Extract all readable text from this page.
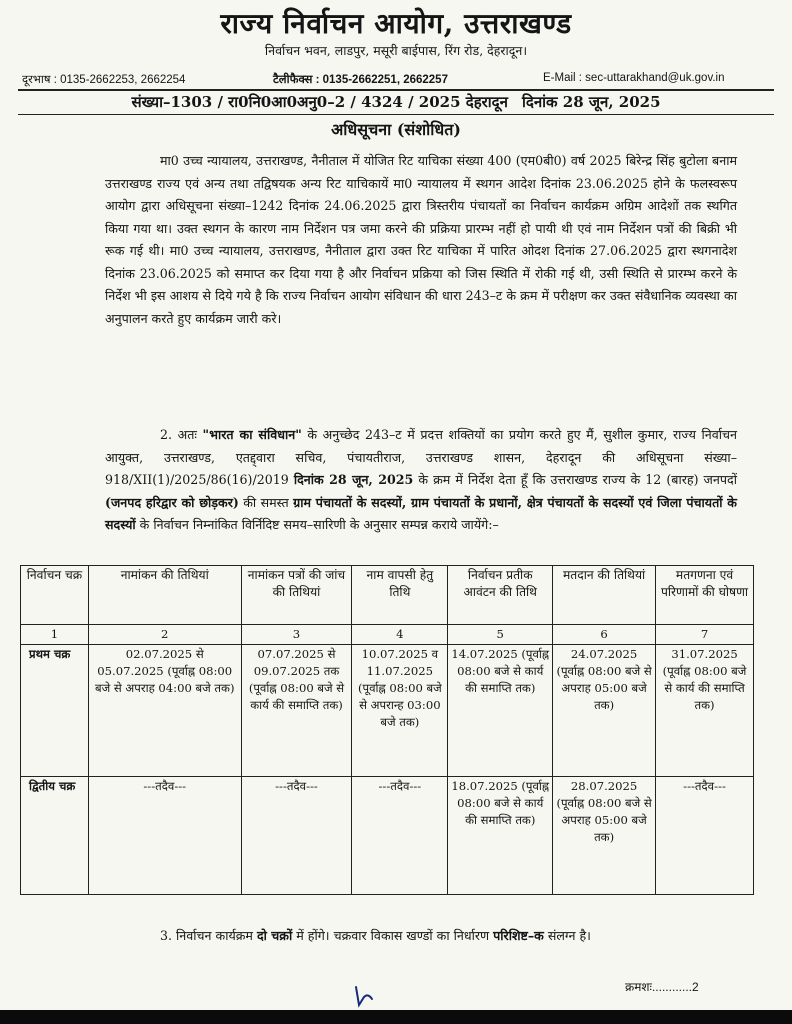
राज्य निर्वाचन आयोग, उत्तराखण्ड
निर्वाचन भवन, लाडपुर, मसूरी बाईपास, रिंग रोड, देहरादून।
दूरभाष : 0135-2662253, 2662254	टैलीफैक्स : 0135-2662251, 2662257	E-Mail : sec-uttarakhand@uk.gov.in
संख्या–1303 / रा0नि0आ0अनु0–2 / 4324 / 2025 देहरादून दिनांक 28 जून, 2025
अधिसूचना (संशोधित)
मा0 उच्च न्यायालय, उत्तराखण्ड, नैनीताल में योजित रिट याचिका संख्या 400 (एम0बी0) वर्ष 2025 बिरेन्द्र सिंह बुटोला बनाम उत्तराखण्ड राज्य एवं अन्य तथा तद्विषयक अन्य रिट याचिकायें मा0 न्यायालय में स्थगन आदेश दिनांक 23.06.2025 होने के फलस्वरूप आयोग द्वारा अधिसूचना संख्या–1242 दिनांक 24.06.2025 द्वारा त्रिस्तरीय पंचायतों का निर्वाचन कार्यक्रम अग्रिम आदेशों तक स्थगित किया गया था। उक्त स्थगन के कारण नाम निर्देशन पत्र जमा करने की प्रक्रिया प्रारम्भ नहीं हो पायी थी एवं नाम निर्देशन पत्रों की बिक्री भी रूक गई थी। मा0 उच्च न्यायालय, उत्तराखण्ड, नैनीताल द्वारा उक्त रिट याचिका में पारित ओदश दिनांक 27.06.2025 द्वारा स्थगनादेश दिनांक 23.06.2025 को समाप्त कर दिया गया है और निर्वाचन प्रक्रिया को जिस स्थिति में रोकी गई थी, उसी स्थिति से प्रारम्भ करने के निर्देश भी इस आशय से दिये गये है कि राज्य निर्वाचन आयोग संविधान की धारा 243–ट के क्रम में परीक्षण कर उक्त संवैधानिक व्यवस्था का अनुपालन करते हुए कार्यक्रम जारी करे।
2. अतः "भारत का संविधान" के अनुच्छेद 243–ट में प्रदत्त शक्तियों का प्रयोग करते हुए मैं, सुशील कुमार, राज्य निर्वाचन आयुक्त, उत्तराखण्ड, एतद्द्वारा सचिव, पंचायतीराज, उत्तराखण्ड शासन, देहरादून की अधिसूचना संख्या–918/XII(1)/2025/86(16)/2019 दिनांक 28 जून, 2025 के क्रम में निर्देश देता हूँ कि उत्तराखण्ड राज्य के 12 (बारह) जनपदों (जनपद हरिद्वार को छोड़कर) की समस्त ग्राम पंचायतों के सदस्यों, ग्राम पंचायतों के प्रधानों, क्षेत्र पंचायतों के सदस्यों एवं जिला पंचायतों के सदस्यों के निर्वाचन निम्नांकित विर्निदिष्ट समय–सारिणी के अनुसार सम्पन्न कराये जायेंगे:–
निर्वाचन चक्र	नामांकन की तिथियां	नामांकन पत्रों की जांच की तिथियां	नाम वापसी हेतु तिथि	निर्वाचन प्रतीक आवंटन की तिथि	मतदान की तिथियां	मतगणना एवं परिणामों की घोषणा
1	2	3	4	5	6	7
प्रथम चक्र	02.07.2025 से 05.07.2025 (पूर्वाह्न 08:00 बजे से अपराह 04:00 बजे तक)	07.07.2025 से 09.07.2025 तक (पूर्वाह्न 08:00 बजे से कार्य की समाप्ति तक)	10.07.2025 व 11.07.2025 (पूर्वाह्न 08:00 बजे से अपरान्ह 03:00 बजे तक)	14.07.2025 (पूर्वाह्न 08:00 बजे से कार्य की समाप्ति तक)	24.07.2025 (पूर्वाह्न 08:00 बजे से अपराह 05:00 बजे तक)	31.07.2025 (पूर्वाह्न 08:00 बजे से कार्य की समाप्ति तक)
द्वितीय चक्र	---तदैव---	---तदैव---	---तदैव---	18.07.2025 (पूर्वाह्न 08:00 बजे से कार्य की समाप्ति तक)	28.07.2025 (पूर्वाह्न 08:00 बजे से अपराह 05:00 बजे तक)	---तदैव---
3. निर्वाचन कार्यक्रम दो चक्रों में होंगे। चक्रवार विकास खण्डों का निर्धारण परिशिष्ट–क संलग्न है।
क्रमशः............2
